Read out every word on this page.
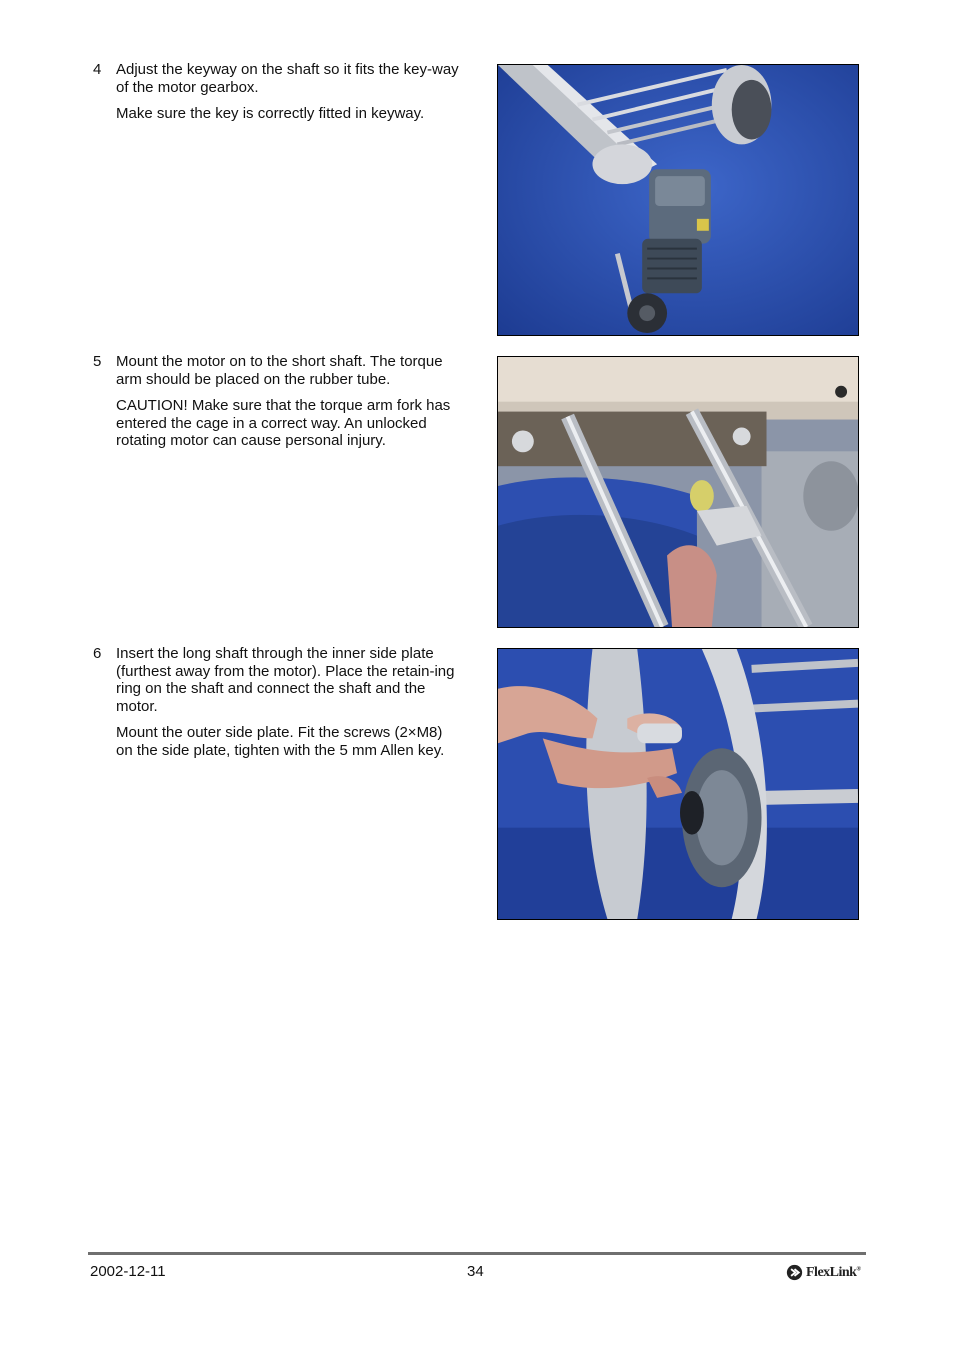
4 Adjust the keyway on the shaft so it fits the key-way of the motor gearbox.

Make sure the key is correctly fitted in keyway.

5 Mount the motor on to the short shaft. The torque arm should be placed on the rubber tube.

CAUTION! Make sure that the torque arm fork has entered the cage in a correct way. An unlocked rotating motor can cause personal injury.

6 Insert the long shaft through the inner side plate (furthest away from the motor). Place the retain-ing ring on the shaft and connect the shaft and the motor.

Mount the outer side plate. Fit the screws (2×M8) on the side plate, tighten with the 5 mm Allen key.

2002-12-11	34	FlexLink®
